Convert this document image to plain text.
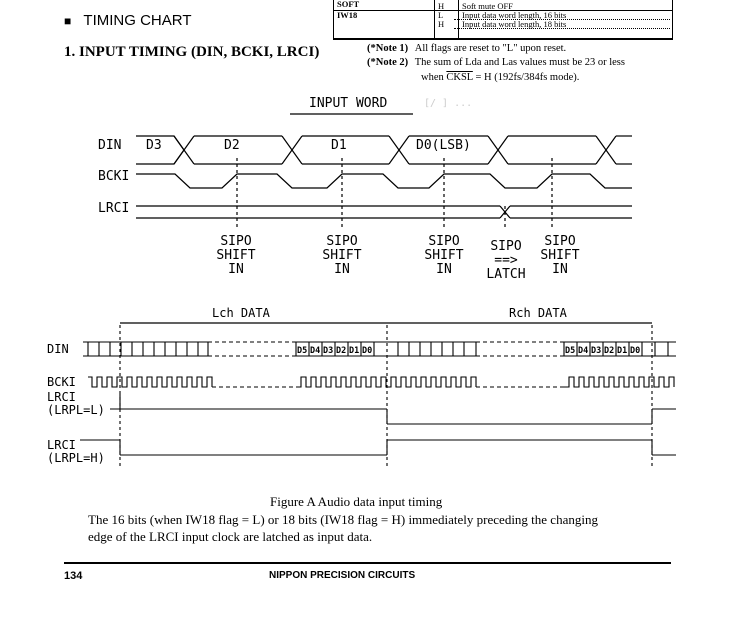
■ TIMING CHART
1. INPUT TIMING (DIN, BCKI, LRCI)
SOFT	H Soft mute OFF
IW18	L Input data word length, 16 bits
H Input data word length, 18 bits
(*Note 1) All flags are reset to "L" upon reset.
(*Note 2) The sum of Lda and Las values must be 23 or less
when CKSL = H (192fs/384fs mode).
INPUT WORD	[/ ] ...
DIN D3	D2	D1	D0(LSB)
BCKI
LRCI
SIPO
SHIFT
IN
SIPO
SHIFT
IN
SIPO
SHIFT
IN
SIPO
==>
LATCH
SIPO
SHIFT
IN
Lch DATA	Rch DATA
DIN	D5 D4 D3 D2 D1 D0	D5 D4 D3 D2 D1 D0
BCKI
LRCI
(LRPL=L)
LRCI
(LRPL=H)
Figure A Audio data input timing
The 16 bits (when IW18 flag = L) or 18 bits (IW18 flag = H) immediately preceding the changing
edge of the LRCI input clock are latched as input data.
134	NIPPON PRECISION CIRCUITS
